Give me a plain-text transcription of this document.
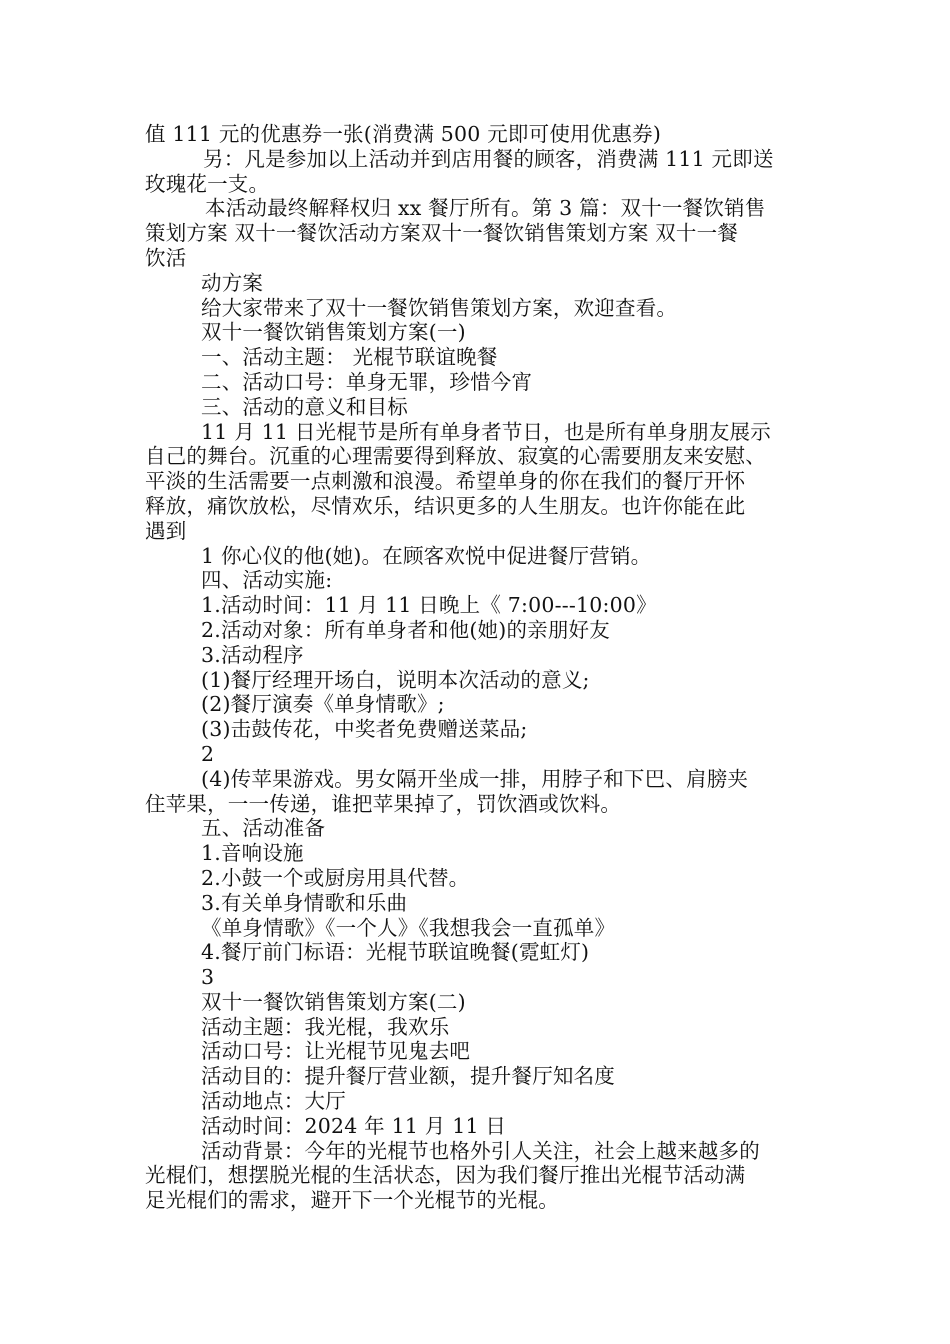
值 111 元的优惠券一张(消费满 500 元即可使用优惠券)
另：凡是参加以上活动并到店用餐的顾客，消费满 111 元即送
玫瑰花一支。
本活动最终解释权归 xx 餐厅所有。第 3 篇：双十一餐饮销售
策划方案 双十一餐饮活动方案双十一餐饮销售策划方案 双十一餐
饮活
动方案
给大家带来了双十一餐饮销售策划方案，欢迎查看。
双十一餐饮销售策划方案(一)
一、活动主题： 光棍节联谊晚餐
二、活动口号：单身无罪，珍惜今宵
三、活动的意义和目标
11 月 11 日光棍节是所有单身者节日，也是所有单身朋友展示
自己的舞台。沉重的心理需要得到释放、寂寞的心需要朋友来安慰、
平淡的生活需要一点刺激和浪漫。希望单身的你在我们的餐厅开怀
释放，痛饮放松，尽情欢乐，结识更多的人生朋友。也许你能在此
遇到
1 你心仪的他(她)。在顾客欢悦中促进餐厅营销。
四、活动实施:
1.活动时间：11 月 11 日晚上《 7:00---10:00》
2.活动对象：所有单身者和他(她)的亲朋好友
3.活动程序
(1)餐厅经理开场白，说明本次活动的意义;
(2)餐厅演奏《单身情歌》;
(3)击鼓传花，中奖者免费赠送菜品;
2
(4)传苹果游戏。男女隔开坐成一排，用脖子和下巴、肩膀夹
住苹果，一一传递，谁把苹果掉了，罚饮酒或饮料。
五、活动准备
1.音响设施
2.小鼓一个或厨房用具代替。
3.有关单身情歌和乐曲
《单身情歌》《一个人》《我想我会一直孤单》
4.餐厅前门标语：光棍节联谊晚餐(霓虹灯)
3
双十一餐饮销售策划方案(二)
活动主题：我光棍，我欢乐
活动口号：让光棍节见鬼去吧
活动目的：提升餐厅营业额，提升餐厅知名度
活动地点：大厅
活动时间：2024 年 11 月 11 日
活动背景：今年的光棍节也格外引人关注，社会上越来越多的
光棍们，想摆脱光棍的生活状态，因为我们餐厅推出光棍节活动满
足光棍们的需求，避开下一个光棍节的光棍。
